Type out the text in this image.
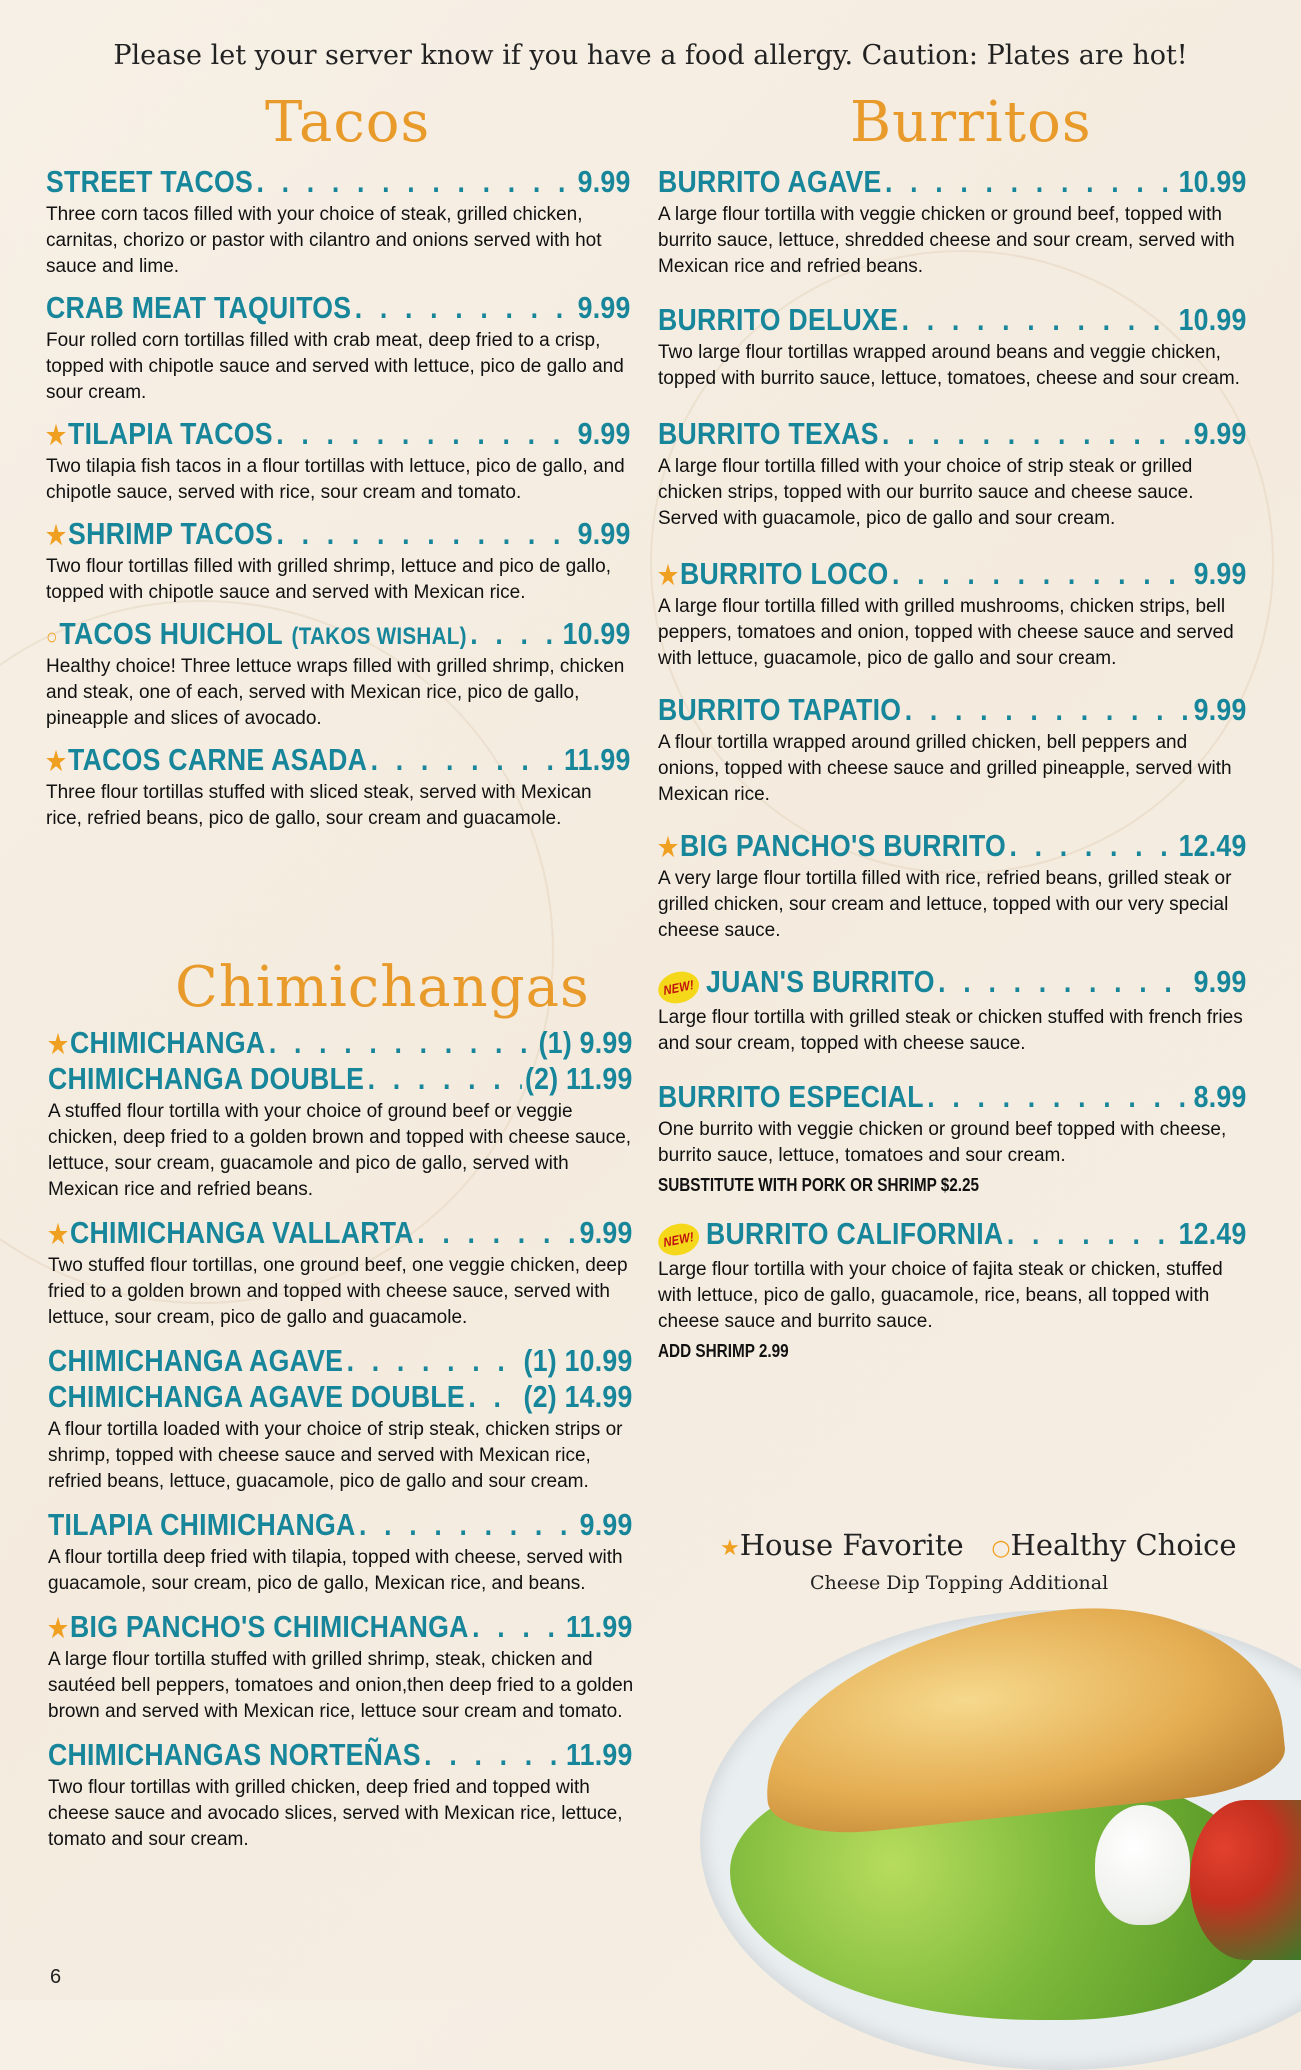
Please let your server know if you have a food allergy. Caution: Plates are hot!
Tacos	Burritos
Chimichangas
STREET TACOS . . .	9.99
Three corn tacos filled with your choice of steak, grilled chicken, carnitas, chorizo or pastor with cilantro and onions served with hot sauce and lime.
CRAB MEAT TAQUITOS . . .	9.99
Four rolled corn tortillas filled with crab meat, deep fried to a crisp, topped with chipotle sauce and served with lettuce, pico de gallo and sour cream.
★ TILAPIA TACOS . . .	9.99
Two tilapia fish tacos in a flour tortillas with lettuce, pico de gallo, and chipotle sauce, served with rice, sour cream and tomato.
★ SHRIMP TACOS . . .	9.99
Two flour tortillas filled with grilled shrimp, lettuce and pico de gallo, topped with chipotle sauce and served with Mexican rice.
○ TACOS HUICHOL (TAKOS WISHAL) . . .	10.99
Healthy choice! Three lettuce wraps filled with grilled shrimp, chicken and steak, one of each, served with Mexican rice, pico de gallo, pineapple and slices of avocado.
★ TACOS CARNE ASADA . . .	11.99
Three flour tortillas stuffed with sliced steak, served with Mexican rice, refried beans, pico de gallo, sour cream and guacamole.
★ CHIMICHANGA . . .	(1) 9.99
CHIMICHANGA DOUBLE . . .	(2) 11.99
A stuffed flour tortilla with your choice of ground beef or veggie chicken, deep fried to a golden brown and topped with cheese sauce, lettuce, sour cream, guacamole and pico de gallo, served with Mexican rice and refried beans.
★ CHIMICHANGA VALLARTA . . .	9.99
Two stuffed flour tortillas, one ground beef, one veggie chicken, deep fried to a golden brown and topped with cheese sauce, served with lettuce, sour cream, pico de gallo and guacamole.
CHIMICHANGA AGAVE . . .	(1) 10.99
CHIMICHANGA AGAVE DOUBLE . . . (2) 14.99
A flour tortilla loaded with your choice of strip steak, chicken strips or shrimp, topped with cheese sauce and served with Mexican rice, refried beans, lettuce, guacamole, pico de gallo and sour cream.
TILAPIA CHIMICHANGA . . .	9.99
A flour tortilla deep fried with tilapia, topped with cheese, served with guacamole, sour cream, pico de gallo, Mexican rice, and beans.
★ BIG PANCHO'S CHIMICHANGA . . .	11.99
A large flour tortilla stuffed with grilled shrimp, steak, chicken and sautéed bell peppers, tomatoes and onion,then deep fried to a golden brown and served with Mexican rice, lettuce sour cream and tomato.
CHIMICHANGAS NORTEÑAS . . .	11.99
Two flour tortillas with grilled chicken, deep fried and topped with cheese sauce and avocado slices, served with Mexican rice, lettuce, tomato and sour cream.
BURRITO AGAVE . . .	10.99
A large flour tortilla with veggie chicken or ground beef, topped with burrito sauce, lettuce, shredded cheese and sour cream, served with Mexican rice and refried beans.
BURRITO DELUXE . . .	10.99
Two large flour tortillas wrapped around beans and veggie chicken, topped with burrito sauce, lettuce, tomatoes, cheese and sour cream.
BURRITO TEXAS . . .	9.99
A large flour tortilla filled with your choice of strip steak or grilled chicken strips, topped with our burrito sauce and cheese sauce. Served with guacamole, pico de gallo and sour cream.
★ BURRITO LOCO . . .	9.99
A large flour tortilla filled with grilled mushrooms, chicken strips, bell peppers, tomatoes and onion, topped with cheese sauce and served with lettuce, guacamole, pico de gallo and sour cream.
BURRITO TAPATIO . . .	9.99
A flour tortilla wrapped around grilled chicken, bell peppers and onions, topped with cheese sauce and grilled pineapple, served with Mexican rice.
★ BIG PANCHO'S BURRITO . . .	12.49
A very large flour tortilla filled with rice, refried beans, grilled steak or grilled chicken, sour cream and lettuce, topped with our very special cheese sauce.
NEW! JUAN'S BURRITO . . .	9.99
Large flour tortilla with grilled steak or chicken stuffed with french fries and sour cream, topped with cheese sauce.
BURRITO ESPECIAL . . .	8.99
One burrito with veggie chicken or ground beef topped with cheese, burrito sauce, lettuce, tomatoes and sour cream.
SUBSTITUTE WITH PORK OR SHRIMP $2.25
NEW! BURRITO CALIFORNIA . . .	12.49
Large flour tortilla with your choice of fajita steak or chicken, stuffed with lettuce, pico de gallo, guacamole, rice, beans, all topped with cheese sauce and burrito sauce.
ADD SHRIMP 2.99
★House Favorite ○Healthy Choice
Cheese Dip Topping Additional
6
